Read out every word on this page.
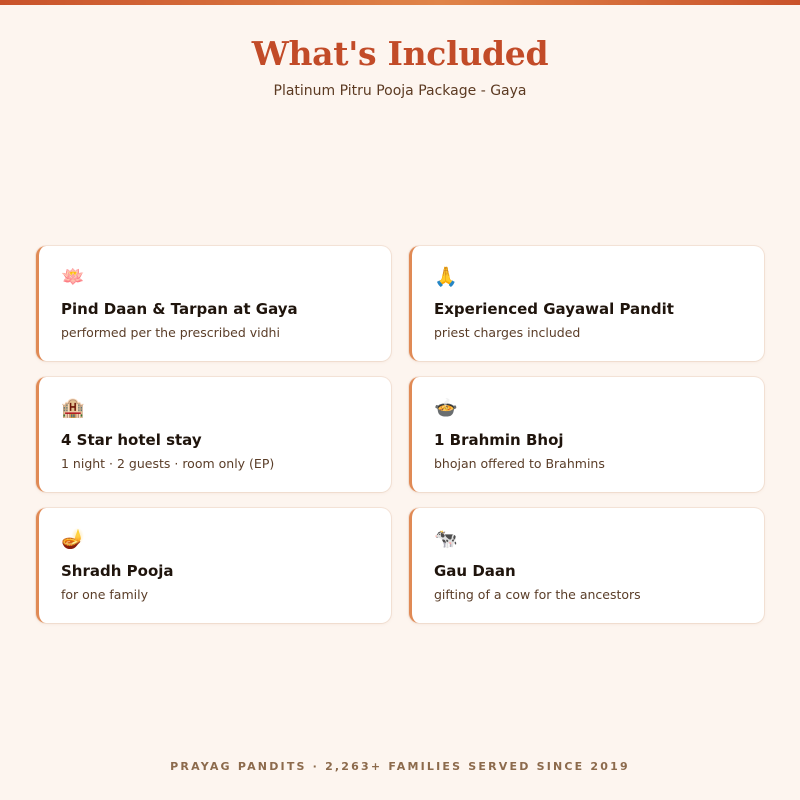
What's Included

Platinum Pitru Pooja Package - Gaya

🪷
Pind Daan & Tarpan at Gaya
performed per the prescribed vidhi
🙏
Experienced Gayawal Pandit
priest charges included
🏨
4 Star hotel stay
1 night · 2 guests · room only (EP)
🍲
1 Brahmin Bhoj
bhojan offered to Brahmins
🪔
Shradh Pooja
for one family
🐄
Gau Daan
gifting of a cow for the ancestors
PRAYAG PANDITS · 2,263+ FAMILIES SERVED SINCE 2019
